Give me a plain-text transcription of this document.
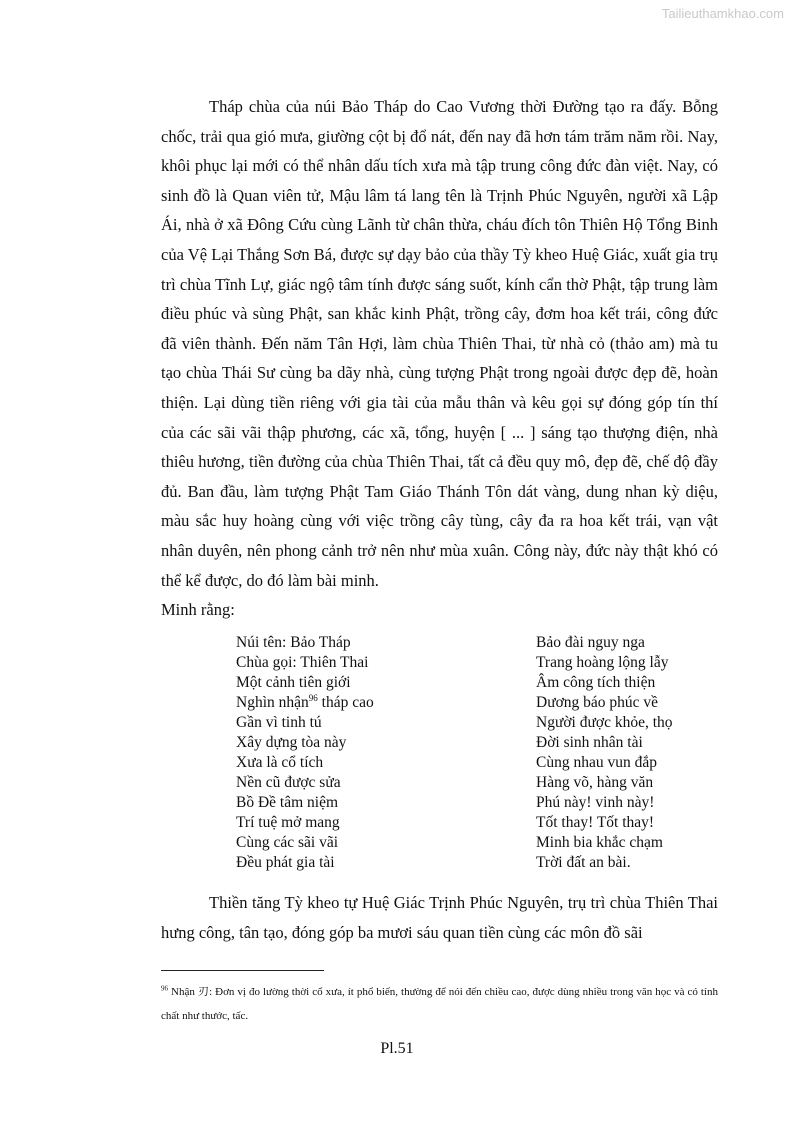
Tailieuthamkhao.com

Tháp chùa của núi Bảo Tháp do Cao Vương thời Đường tạo ra đấy. Bỗng chốc, trải qua gió mưa, giường cột bị đổ nát, đến nay đã hơn tám trăm năm rồi. Nay, khôi phục lại mới có thể nhân dấu tích xưa mà tập trung công đức đàn việt. Nay, có sinh đồ là Quan viên tử, Mậu lâm tá lang tên là Trịnh Phúc Nguyên, người xã Lập Ái, nhà ở xã Đông Cứu cùng Lãnh từ chân thừa, cháu đích tôn Thiên Hộ Tổng Binh của Vệ Lại Thắng Sơn Bá, được sự dạy bảo của thầy Tỳ kheo Huệ Giác, xuất gia trụ trì chùa Tĩnh Lự, giác ngộ tâm tính được sáng suốt, kính cẩn thờ Phật, tập trung làm điều phúc và sùng Phật, san khắc kinh Phật, trồng cây, đơm hoa kết trái, công đức đã viên thành. Đến năm Tân Hợi, làm chùa Thiên Thai, từ nhà cỏ (thảo am) mà tu tạo chùa Thái Sư cùng ba dãy nhà, cùng tượng Phật trong ngoài được đẹp đẽ, hoàn thiện. Lại dùng tiền riêng với gia tài của mẫu thân và kêu gọi sự đóng góp tín thí của các sãi vãi thập phương, các xã, tổng, huyện [ ... ] sáng tạo thượng điện, nhà thiêu hương, tiền đường của chùa Thiên Thai, tất cả đều quy mô, đẹp đẽ, chế độ đầy đủ. Ban đầu, làm tượng Phật Tam Giáo Thánh Tôn dát vàng, dung nhan kỳ diệu, màu sắc huy hoàng cùng với việc trồng cây tùng, cây đa ra hoa kết trái, vạn vật nhân duyên, nên phong cảnh trở nên như mùa xuân. Công này, đức này thật khó có thể kể được, do đó làm bài minh.

Minh rằng:

Núi tên: Bảo Tháp	Bảo đài nguy nga
Chùa gọi: Thiên Thai	Trang hoàng lộng lẫy
Một cảnh tiên giới	Âm công tích thiện
Nghìn nhận$^{96}$ tháp cao	Dương báo phúc về
Gần vì tinh tú	Người được khỏe, thọ
Xây dựng tòa này	Đời sinh nhân tài
Xưa là cổ tích	Cùng nhau vun đắp
Nền cũ được sửa	Hàng võ, hàng văn
Bồ Đề tâm niệm	Phú này! vinh này!
Trí tuệ mở mang	Tốt thay! Tốt thay!
Cùng các sãi vãi	Minh bia khắc chạm
Đều phát gia tài	Trời đất an bài.

Thiền tăng Tỳ kheo tự Huệ Giác Trịnh Phúc Nguyên, trụ trì chùa Thiên Thai hưng công, tân tạo, đóng góp ba mươi sáu quan tiền cùng các môn đồ sãi

$^{96}$ Nhận 刃: Đơn vị đo lường thời cổ xưa, ít phổ biến, thường để nói đến chiều cao, được dùng nhiều trong văn học và có tính chất như thước, tấc.
Pl.51
